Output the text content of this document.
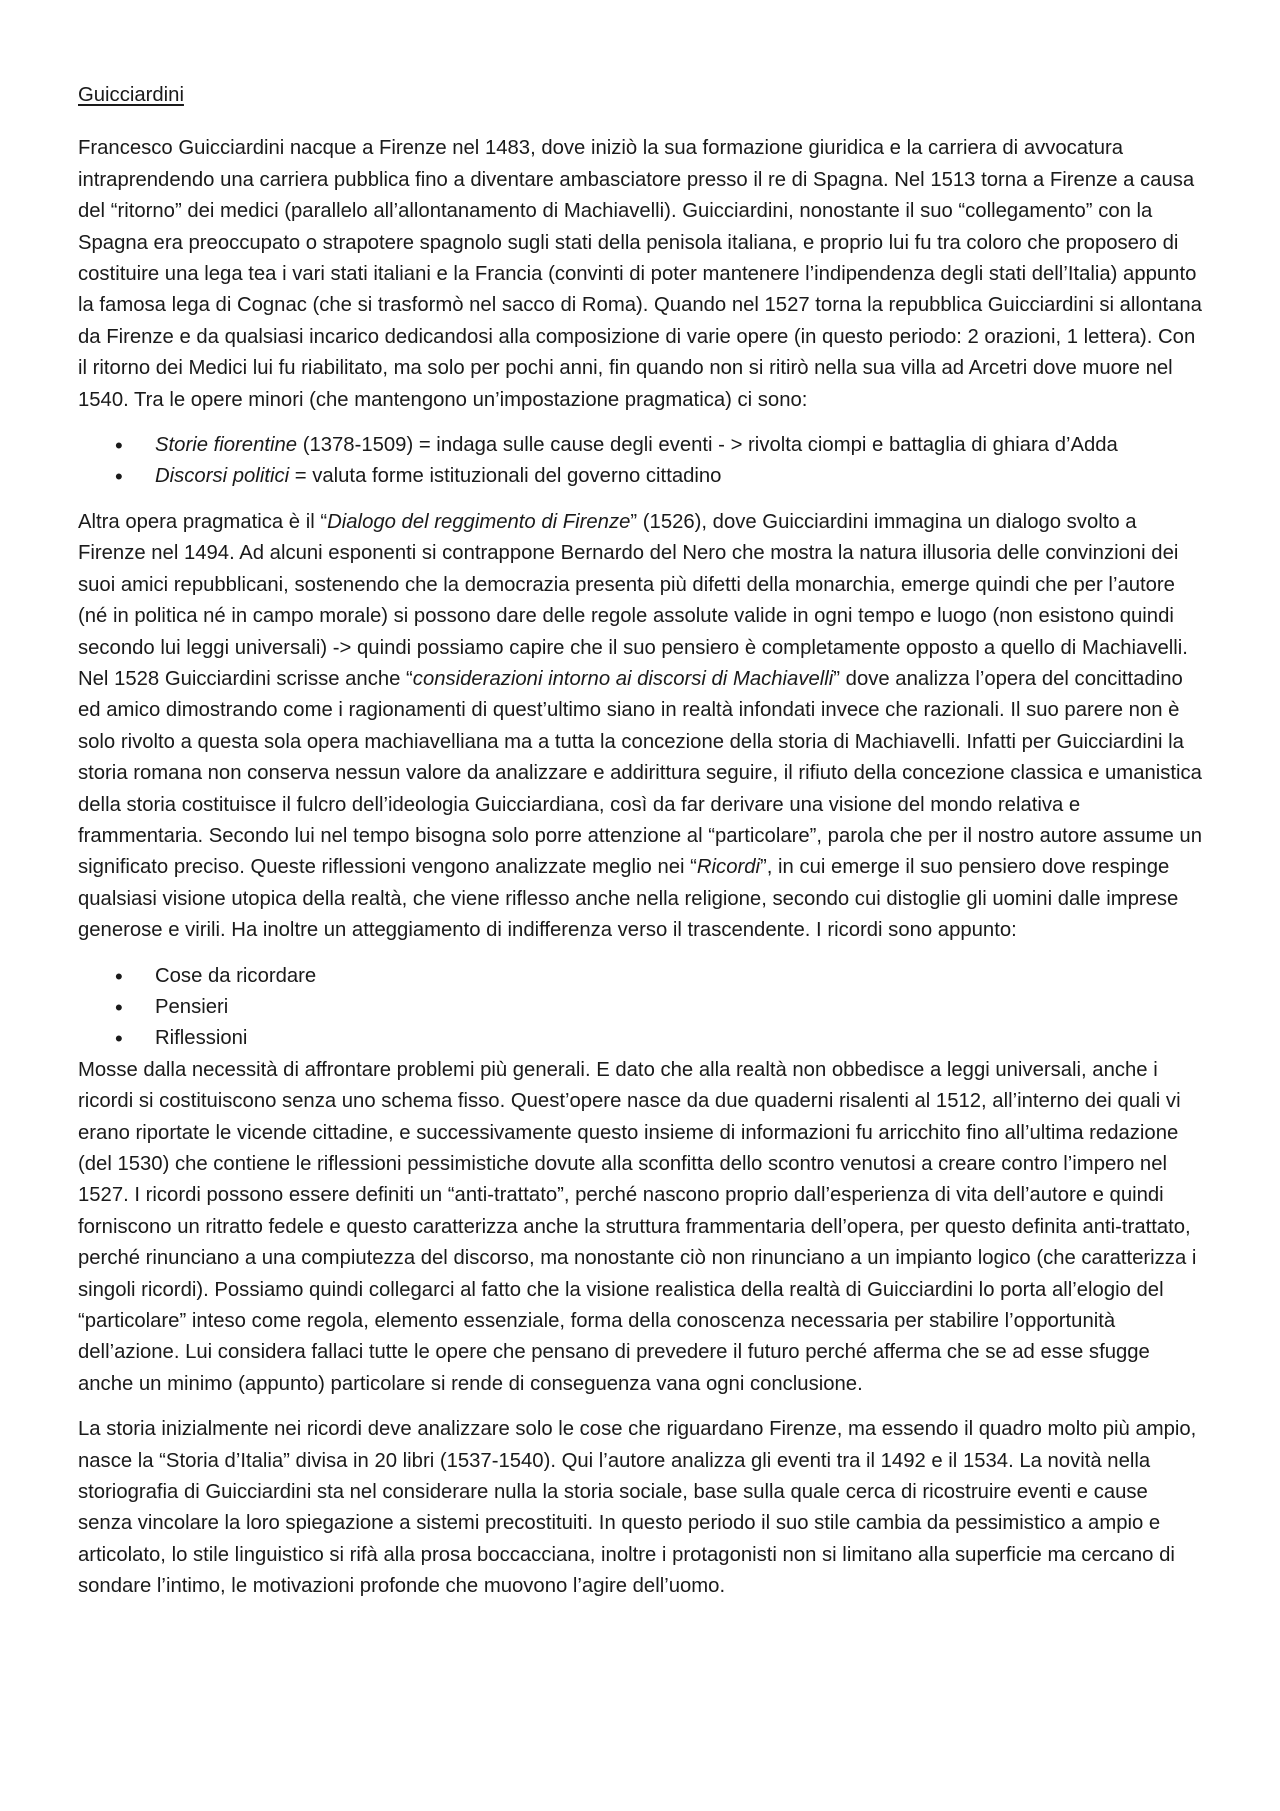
Guicciardini

Francesco Guicciardini nacque a Firenze nel 1483, dove iniziò la sua formazione giuridica e la carriera di avvocatura intraprendendo una carriera pubblica fino a diventare ambasciatore presso il re di Spagna. Nel 1513 torna a Firenze a causa del “ritorno” dei medici (parallelo all’allontanamento di Machiavelli). Guicciardini, nonostante il suo “collegamento” con la Spagna era preoccupato o strapotere spagnolo sugli stati della penisola italiana, e proprio lui fu tra coloro che proposero di costituire una lega tea i vari stati italiani e la Francia (convinti di poter mantenere l’indipendenza degli stati dell’Italia) appunto la famosa lega di Cognac (che si trasformò nel sacco di Roma). Quando nel 1527 torna la repubblica Guicciardini si allontana da Firenze e da qualsiasi incarico dedicandosi alla composizione di varie opere (in questo periodo: 2 orazioni, 1 lettera). Con il ritorno dei Medici lui fu riabilitato, ma solo per pochi anni, fin quando non si ritirò nella sua villa ad Arcetri dove muore nel 1540. Tra le opere minori (che mantengono un’impostazione pragmatica) ci sono:

• Storie fiorentine (1378-1509) = indaga sulle cause degli eventi - > rivolta ciompi e battaglia di ghiara d’Adda
• Discorsi politici = valuta forme istituzionali del governo cittadino

Altra opera pragmatica è il “Dialogo del reggimento di Firenze” (1526), dove Guicciardini immagina un dialogo svolto a Firenze nel 1494. Ad alcuni esponenti si contrappone Bernardo del Nero che mostra la natura illusoria delle convinzioni dei suoi amici repubblicani, sostenendo che la democrazia presenta più difetti della monarchia, emerge quindi che per l’autore (né in politica né in campo morale) si possono dare delle regole assolute valide in ogni tempo e luogo (non esistono quindi secondo lui leggi universali) -> quindi possiamo capire che il suo pensiero è completamente opposto a quello di Machiavelli. Nel 1528 Guicciardini scrisse anche “considerazioni intorno ai discorsi di Machiavelli” dove analizza l’opera del concittadino ed amico dimostrando come i ragionamenti di quest’ultimo siano in realtà infondati invece che razionali. Il suo parere non è solo rivolto a questa sola opera machiavelliana ma a tutta la concezione della storia di Machiavelli. Infatti per Guicciardini la storia romana non conserva nessun valore da analizzare e addirittura seguire, il rifiuto della concezione classica e umanistica della storia costituisce il fulcro dell’ideologia Guicciardiana, così da far derivare una visione del mondo relativa e frammentaria. Secondo lui nel tempo bisogna solo porre attenzione al “particolare”, parola che per il nostro autore assume un significato preciso. Queste riflessioni vengono analizzate meglio nei “Ricordi”, in cui emerge il suo pensiero dove respinge qualsiasi visione utopica della realtà, che viene riflesso anche nella religione, secondo cui distoglie gli uomini dalle imprese generose e virili. Ha inoltre un atteggiamento di indifferenza verso il trascendente. I ricordi sono appunto:

• Cose da ricordare
• Pensieri
• Riflessioni

Mosse dalla necessità di affrontare problemi più generali. E dato che alla realtà non obbedisce a leggi universali, anche i ricordi si costituiscono senza uno schema fisso. Quest’opere nasce da due quaderni risalenti al 1512, all’interno dei quali vi erano riportate le vicende cittadine, e successivamente questo insieme di informazioni fu arricchito fino all’ultima redazione (del 1530) che contiene le riflessioni pessimistiche dovute alla sconfitta dello scontro venutosi a creare contro l’impero nel 1527. I ricordi possono essere definiti un “anti-trattato”, perché nascono proprio dall’esperienza di vita dell’autore e quindi forniscono un ritratto fedele e questo caratterizza anche la struttura frammentaria dell’opera, per questo definita anti-trattato, perché rinunciano a una compiutezza del discorso, ma nonostante ciò non rinunciano a un impianto logico (che caratterizza i singoli ricordi). Possiamo quindi collegarci al fatto che la visione realistica della realtà di Guicciardini lo porta all’elogio del “particolare” inteso come regola, elemento essenziale, forma della conoscenza necessaria per stabilire l’opportunità dell’azione. Lui considera fallaci tutte le opere che pensano di prevedere il futuro perché afferma che se ad esse sfugge anche un minimo (appunto) particolare si rende di conseguenza vana ogni conclusione.

La storia inizialmente nei ricordi deve analizzare solo le cose che riguardano Firenze, ma essendo il quadro molto più ampio, nasce la “Storia d’Italia” divisa in 20 libri (1537-1540). Qui l’autore analizza gli eventi tra il 1492 e il 1534. La novità nella storiografia di Guicciardini sta nel considerare nulla la storia sociale, base sulla quale cerca di ricostruire eventi e cause senza vincolare la loro spiegazione a sistemi precostituiti. In questo periodo il suo stile cambia da pessimistico a ampio e articolato, lo stile linguistico si rifà alla prosa boccacciana, inoltre i protagonisti non si limitano alla superficie ma cercano di sondare l’intimo, le motivazioni profonde che muovono l’agire dell’uomo.
